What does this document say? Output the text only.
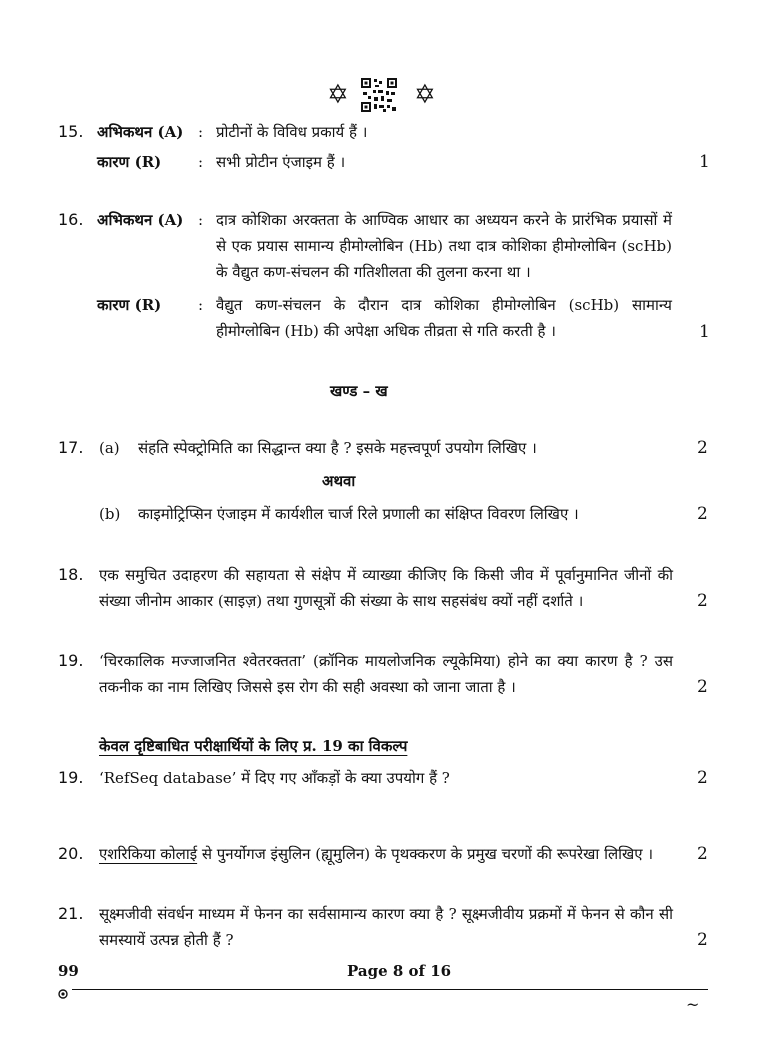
✡	✡
15. अभिकथन (A) : प्रोटीनों के विविध प्रकार्य हैं ।
कारण (R) : सभी प्रोटीन एंजाइम हैं ।	1
16. अभिकथन (A) : दात्र कोशिका अरक्तता के आण्विक आधार का अध्ययन करने के प्रारंभिक प्रयासों में से एक प्रयास सामान्य हीमोग्लोबिन (Hb) तथा दात्र कोशिका हीमोग्लोबिन (scHb) के वैद्युत कण-संचलन की गतिशीलता की तुलना करना था ।
कारण (R) : वैद्युत कण-संचलन के दौरान दात्र कोशिका हीमोग्लोबिन (scHb) सामान्य हीमोग्लोबिन (Hb) की अपेक्षा अधिक तीव्रता से गति करती है ।	1
खण्ड – ख
17. (a) संहति स्पेक्ट्रोमिति का सिद्धान्त क्या है ? इसके महत्त्वपूर्ण उपयोग लिखिए ।	2
अथवा
(b) काइमोट्रिप्सिन एंजाइम में कार्यशील चार्ज रिले प्रणाली का संक्षिप्त विवरण लिखिए ।	2
18. एक समुचित उदाहरण की सहायता से संक्षेप में व्याख्या कीजिए कि किसी जीव में पूर्वानुमानित जीनों की संख्या जीनोम आकार (साइज़) तथा गुणसूत्रों की संख्या के साथ सहसंबंध क्यों नहीं दर्शाते ।	2
19. ‘चिरकालिक मज्जाजनित श्वेतरक्तता’ (क्रॉनिक मायलोजनिक ल्यूकेमिया) होने का क्या कारण है ? उस तकनीक का नाम लिखिए जिससे इस रोग की सही अवस्था को जाना जाता है ।	2
केवल दृष्टिबाधित परीक्षार्थियों के लिए प्र. 19 का विकल्प
19. ‘RefSeq database’ में दिए गए आँकड़ों के क्या उपयोग हैं ?	2
20. एशरिकिया कोलाई से पुनर्योगज इंसुलिन (ह्यूमुलिन) के पृथक्करण के प्रमुख चरणों की रूपरेखा लिखिए ।	2
21. सूक्ष्मजीवी संवर्धन माध्यम में फेनन का सर्वसामान्य कारण क्या है ? सूक्ष्मजीवीय प्रक्रमों में फेनन से कौन सी समस्यायें उत्पन्न होती हैं ?	2
99	Page 8 of 16
~
